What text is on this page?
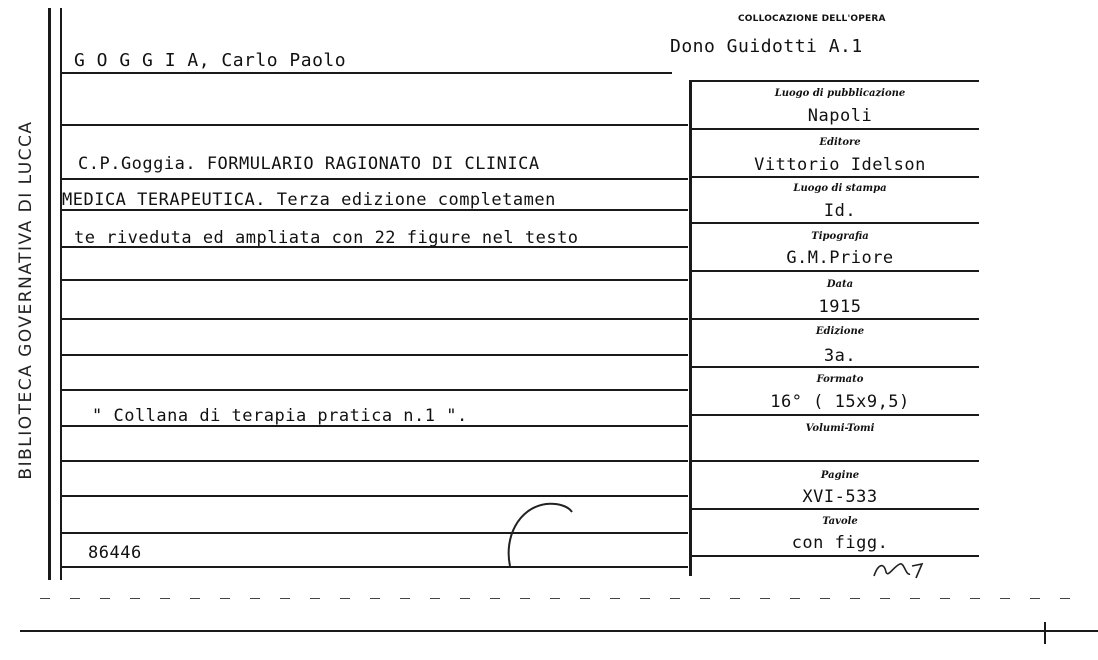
BIBLIOTECA GOVERNATIVA DI LUCCA
COLLOCAZIONE DELL'OPERA
Dono Guidotti A.1
G O G G I A, Carlo Paolo
C.P.Goggia. FORMULARIO RAGIONATO DI CLINICA
MEDICA TERAPEUTICA. Terza edizione completamen
te riveduta ed ampliata con 22 figure nel testo
" Collana di terapia pratica n.1 ".
86446
Luogo di pubblicazione
Editore
Luogo di stampa
Tipografia
Data
Edizione
Formato
Volumi-Tomi
Pagine
Tavole
Napoli
Vittorio Idelson
Id.
G.M.Priore
1915
3a.
16° ( 15x9,5)
XVI-533
con figg.
